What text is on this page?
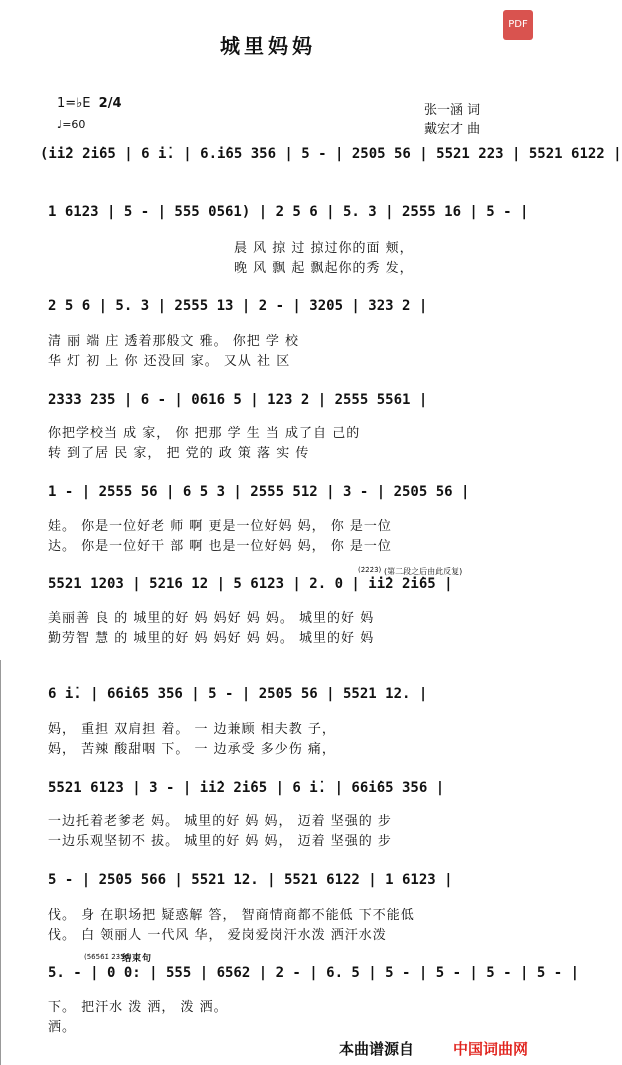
城里妈妈
PDF
1=♭E 2/4
♩=60
张一涵 词
戴宏才 曲
(i̇i̇2 2̇i̇65 | 6 i̇. | 6.i̇65 356 | 5 - | 2505 56 | 5521 223 | 5521 6122 |
1 6123 | 5 - | 555 0561) | 2 5 6 | 5. 3 | 2555 16 | 5 - |
晨 风 掠 过 掠过你的面 颊，
晚 风 飘 起 飘起你的秀 发，
2 5 6 | 5. 3 | 2555 13 | 2 - | 3205 | 323 2 |
清 丽 端 庄 透着那般文 雅。 你把 学 校
华 灯 初 上 你 还没回 家。 又从 社 区
2333 235 | 6 - | 0616 5 | 123 2 | 2555 5561 |
你把学校当 成 家， 你 把那 学 生 当 成了自 己的
转 到了居 民 家， 把 党的 政 策 落 实 传
1 - | 2555 56 | 6 5 3 | 2555 512 | 3 - | 2505 56 |
娃。 你是一位好老 师 啊 更是一位好妈 妈， 你 是一位
达。 你是一位好干 部 啊 也是一位好妈 妈， 你 是一位
(2̇2̇2̇3̇) (第二段之后由此反复)
5521 1203 | 5216 12 | 5 6123 | 2. 0 | i̇i̇2 2̇i̇65 |
美丽善 良 的 城里的好 妈 妈好 妈 妈。 城里的好 妈
勤劳智 慧 的 城里的好 妈 妈好 妈 妈。 城里的好 妈
6 i̇. | 66i̇65 356 | 5 - | 2505 56 | 5521 12. |
妈， 重担 双肩担 着。 一 边兼顾 相夫教 子，
妈， 苦辣 酸甜咽 下。 一 边承受 多少伤 痛，
5521 6123 | 3 - | i̇i̇2 2̇i̇65 | 6 i̇. | 66i̇65 356 |
一边托着老爹老 妈。 城里的好 妈 妈， 迈着 坚强的 步
一边乐观坚韧不 拔。 城里的好 妈 妈， 迈着 坚强的 步
5 - | 2505 566 | 5521 12. | 5521 6122 | 1 6123 |
伐。 身 在职场把 疑惑解 答， 智商情商都不能低 下不能低
伐。 白 领丽人 一代风 华， 爱岗爱岗汗水泼 洒汗水泼
(5̇6̇5̇6̇1̇ 2̇3̇5̇6̇)
结束句
5. - | 0 0: | 555 | 6562 | 2 - | 6. 5 | 5 - | 5 - | 5 - | 5 - |
下。 把汗水 泼 洒， 泼 洒。
洒。
本曲谱源自	中国词曲网
